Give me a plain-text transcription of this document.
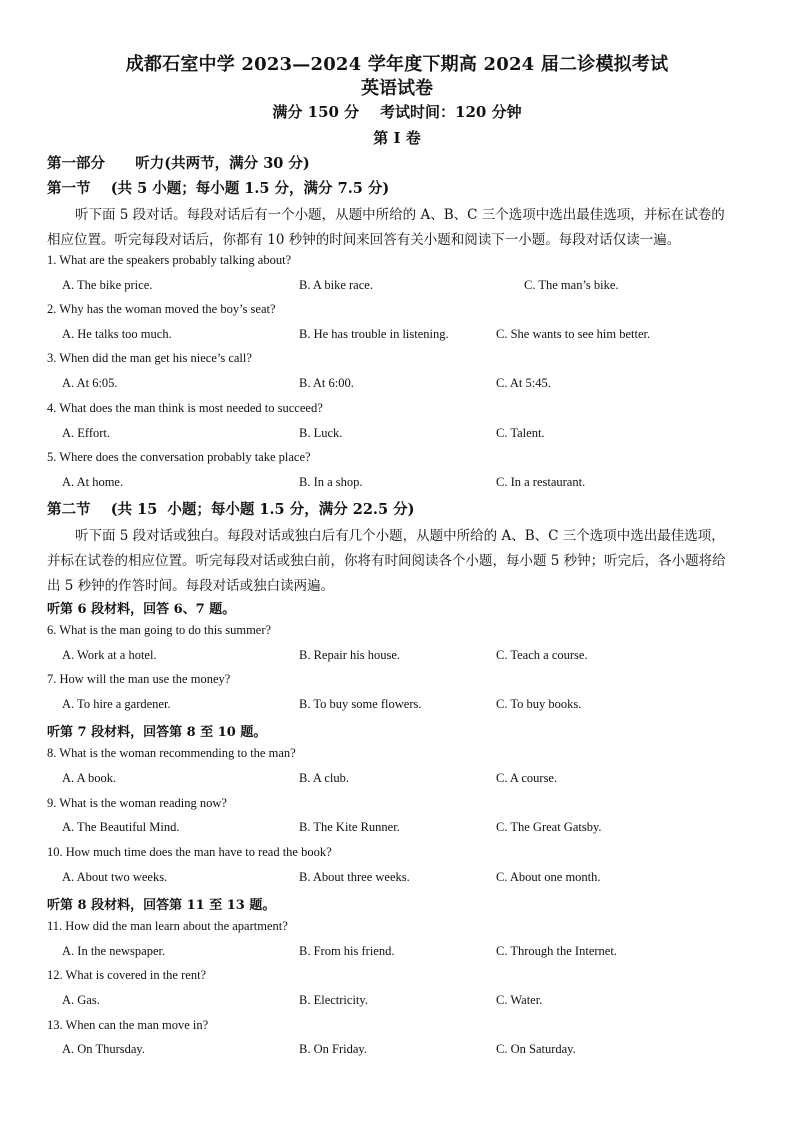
成都石室中学 2023—2024 学年度下期高 2024 届二诊模拟考试
英语试卷
满分 150 分    考试时间：120 分钟
第 I 卷
第一部分      听力(共两节，满分 30 分)
第一节    (共 5 小题；每小题 1.5 分，满分 7.5 分)
听下面 5 段对话。每段对话后有一个小题，从题中所给的 A、B、C 三个选项中选出最佳选项，并标在试卷的
相应位置。听完每段对话后，你都有 10 秒钟的时间来回答有关小题和阅读下一小题。每段对话仅读一遍。
1. What are the speakers probably talking about?
A. The bike price.	B. A bike race.	C. The man’s bike.
2. Why has the woman moved the boy’s seat?
A. He talks too much.	B. He has trouble in listening.	C. She wants to see him better.
3. When did the man get his niece’s call?
A. At 6:05.	B. At 6:00.	C. At 5:45.
4. What does the man think is most needed to succeed?
A. Effort.	B. Luck.	C. Talent.
5. Where does the conversation probably take place?
A. At home.	B. In a shop.	C. In a restaurant.
第二节    (共 15  小题；每小题 1.5 分，满分 22.5 分)
听下面 5 段对话或独白。每段对话或独白后有几个小题，从题中所给的 A、B、C 三个选项中选出最佳选项，
并标在试卷的相应位置。听完每段对话或独白前，你将有时间阅读各个小题，每小题 5 秒钟；听完后，各小题将给
出 5 秒钟的作答时间。每段对话或独白读两遍。
听第 6 段材料，回答 6、7 题。
6. What is the man going to do this summer?
A. Work at a hotel.	B. Repair his house.	C. Teach a course.
7. How will the man use the money?
A. To hire a gardener.	B. To buy some flowers.	C. To buy books.
听第 7 段材料，回答第 8 至 10 题。
8. What is the woman recommending to the man?
A. A book.	B. A club.	C. A course.
9. What is the woman reading now?
A. The Beautiful Mind.	B. The Kite Runner.	C. The Great Gatsby.
10. How much time does the man have to read the book?
A. About two weeks.	B. About three weeks.	C. About one month.
听第 8 段材料，回答第 11 至 13 题。
11. How did the man learn about the apartment?
A. In the newspaper.	B. From his friend.	C. Through the Internet.
12. What is covered in the rent?
A. Gas.	B. Electricity.	C. Water.
13. When can the man move in?
A. On Thursday.	B. On Friday.	C. On Saturday.
